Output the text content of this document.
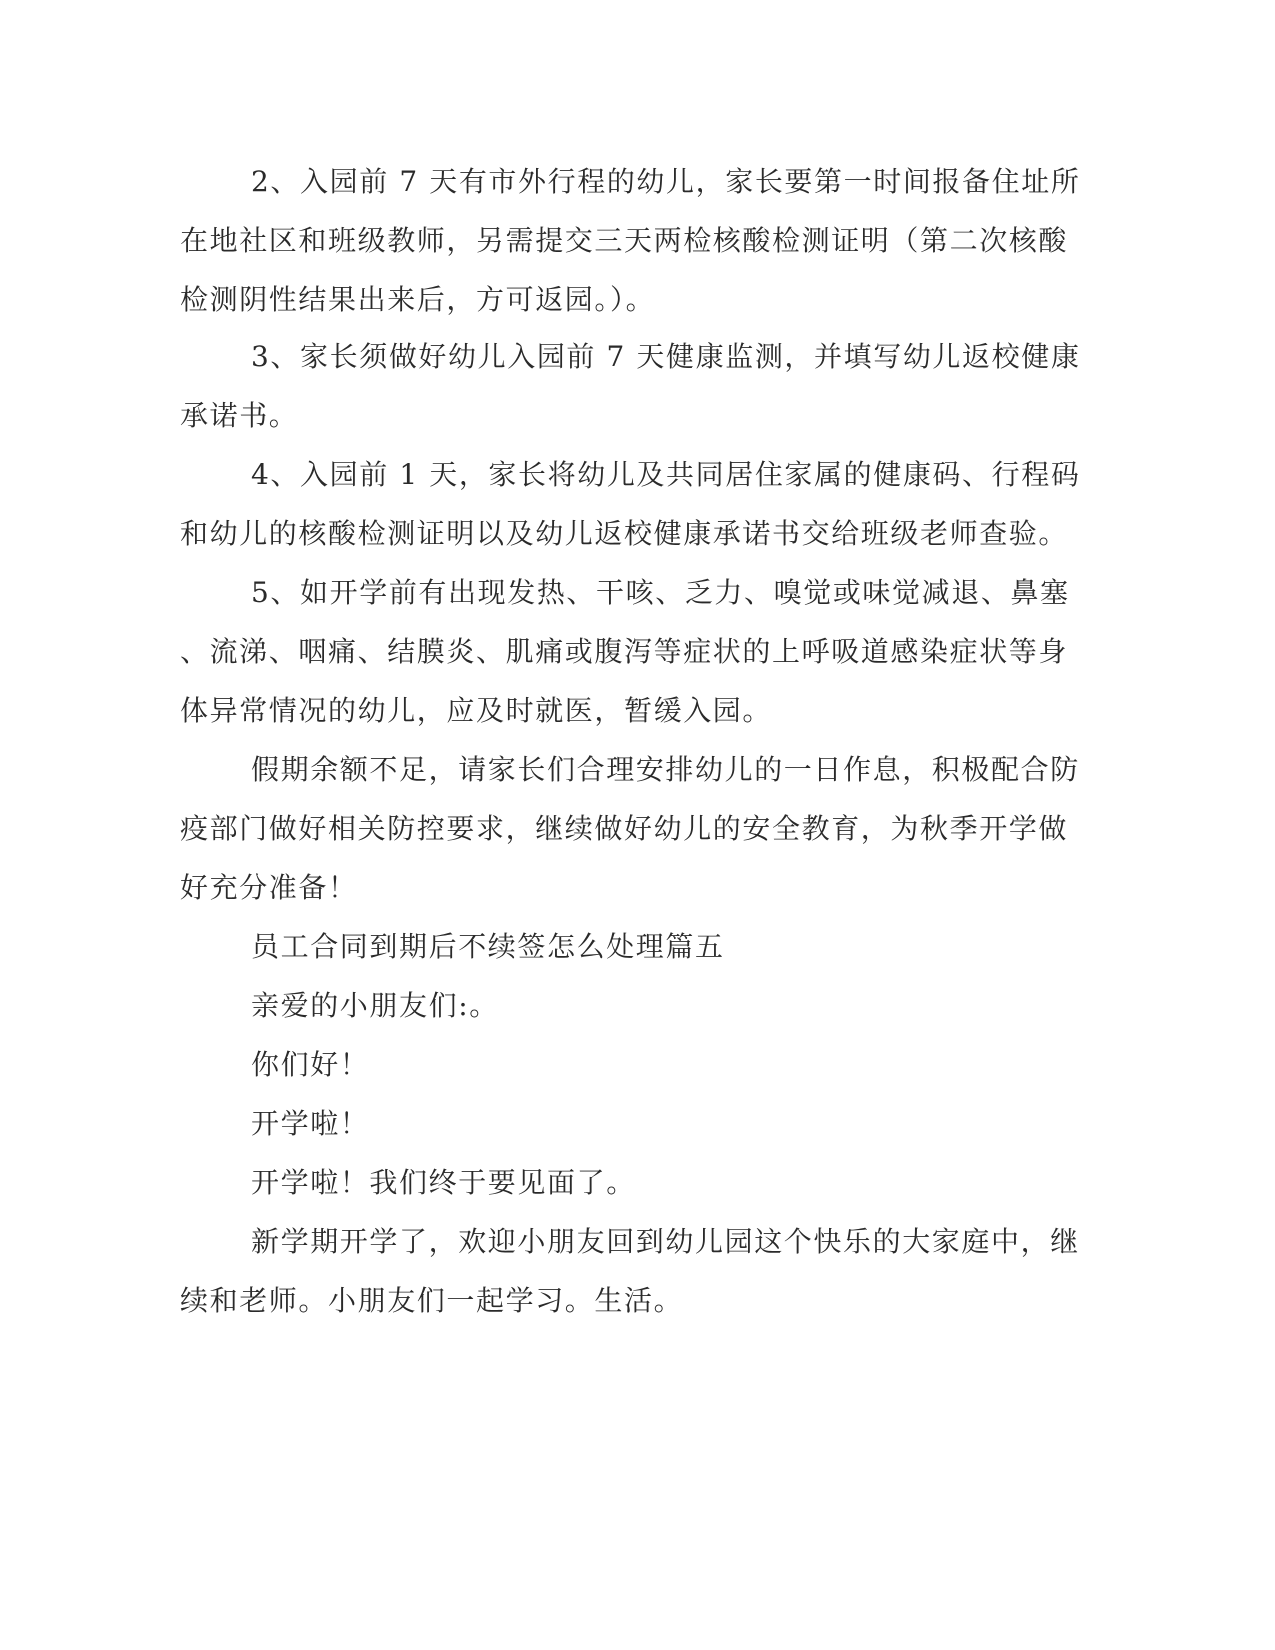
2、入园前 7 天有市外行程的幼儿，家长要第一时间报备住址所
在地社区和班级教师，另需提交三天两检核酸检测证明（第二次核酸
检测阴性结果出来后，方可返园。）。
3、家长须做好幼儿入园前 7 天健康监测，并填写幼儿返校健康
承诺书。
4、入园前 1 天，家长将幼儿及共同居住家属的健康码、行程码
和幼儿的核酸检测证明以及幼儿返校健康承诺书交给班级老师查验。
5、如开学前有出现发热、干咳、乏力、嗅觉或味觉减退、鼻塞
、流涕、咽痛、结膜炎、肌痛或腹泻等症状的上呼吸道感染症状等身
体异常情况的幼儿，应及时就医，暂缓入园。
假期余额不足，请家长们合理安排幼儿的一日作息，积极配合防
疫部门做好相关防控要求，继续做好幼儿的安全教育，为秋季开学做
好充分准备！
员工合同到期后不续签怎么处理篇五
亲爱的小朋友们:。
你们好！
开学啦！
开学啦！我们终于要见面了。
新学期开学了，欢迎小朋友回到幼儿园这个快乐的大家庭中，继
续和老师。小朋友们一起学习。生活。
